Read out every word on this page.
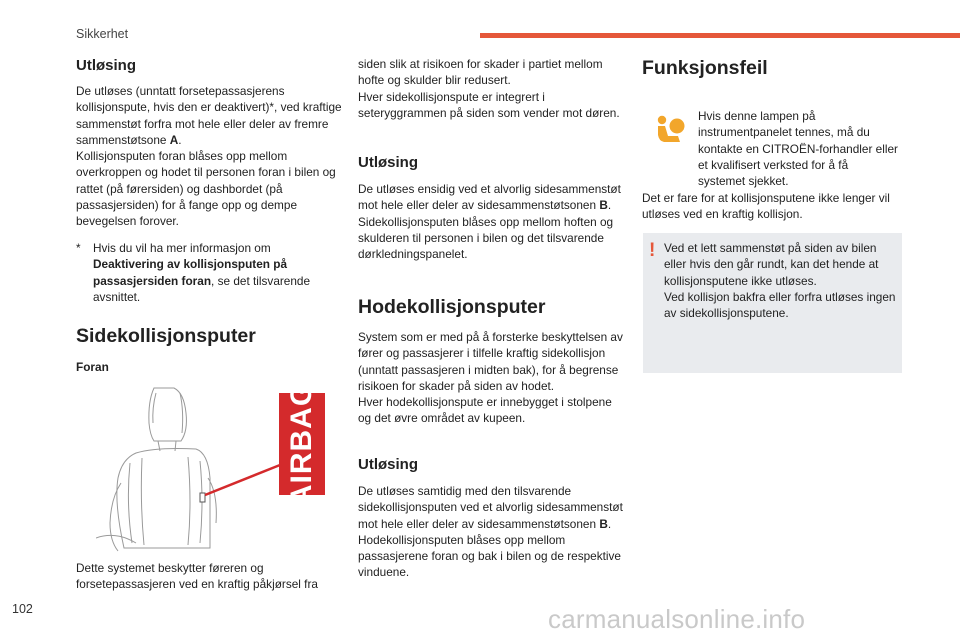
Sikkerhet
Utløsing

De utløses (unntatt forsetepassasjerens kollisjonspute, hvis den er deaktivert)*, ved kraftige sammenstøt forfra mot hele eller deler av fremre sammenstøtsone A.

Kollisjonsputen foran blåses opp mellom overkroppen og hodet til personen foran i bilen og rattet (på førersiden) og dashbordet (på passasjersiden) for å fange opp og dempe bevegelsen forover.

* Hvis du vil ha mer informasjon om Deaktivering av kollisjonsputen på passasjersiden foran, se det tilsvarende avsnittet.
Sidekollisjonsputer
Foran
AIRBAG
Dette systemet beskytter føreren og forsetepassasjeren ved en kraftig påkjørsel fra

siden slik at risikoen for skader i partiet mellom hofte og skulder blir redusert.

Hver sidekollisjonspute er integrert i seteryggrammen på siden som vender mot døren.

Utløsing

De utløses ensidig ved et alvorlig sidesammenstøt mot hele eller deler av sidesammenstøtsonen B.

Sidekollisjonsputen blåses opp mellom hoften og skulderen til personen i bilen og det tilsvarende dørkledningspanelet.

Hodekollisjonsputer

System som er med på å forsterke beskyttelsen av fører og passasjerer i tilfelle kraftig sidekollisjon (unntatt passasjeren i midten bak), for å begrense risikoen for skader på siden av hodet.

Hver hodekollisjonspute er innebygget i stolpene og det øvre området av kupeen.

Utløsing

De utløses samtidig med den tilsvarende sidekollisjonsputen ved et alvorlig sidesammenstøt mot hele eller deler av sidesammenstøtsonen B.

Hodekollisjonsputen blåses opp mellom passasjerene foran og bak i bilen og de respektive vinduene.

Funksjonsfeil
Hvis denne lampen på instrumentpanelet tennes, må du kontakte en CITROËN-forhandler eller et kvalifisert verksted for å få systemet sjekket.
Det er fare for at kollisjonsputene ikke lenger vil utløses ved en kraftig kollisjon.
! Ved et lett sammenstøt på siden av bilen eller hvis den går rundt, kan det hende at kollisjonsputene ikke utløses.
Ved kollisjon bakfra eller forfra utløses ingen av sidekollisjonsputene.
102	carmanualsonline.info
